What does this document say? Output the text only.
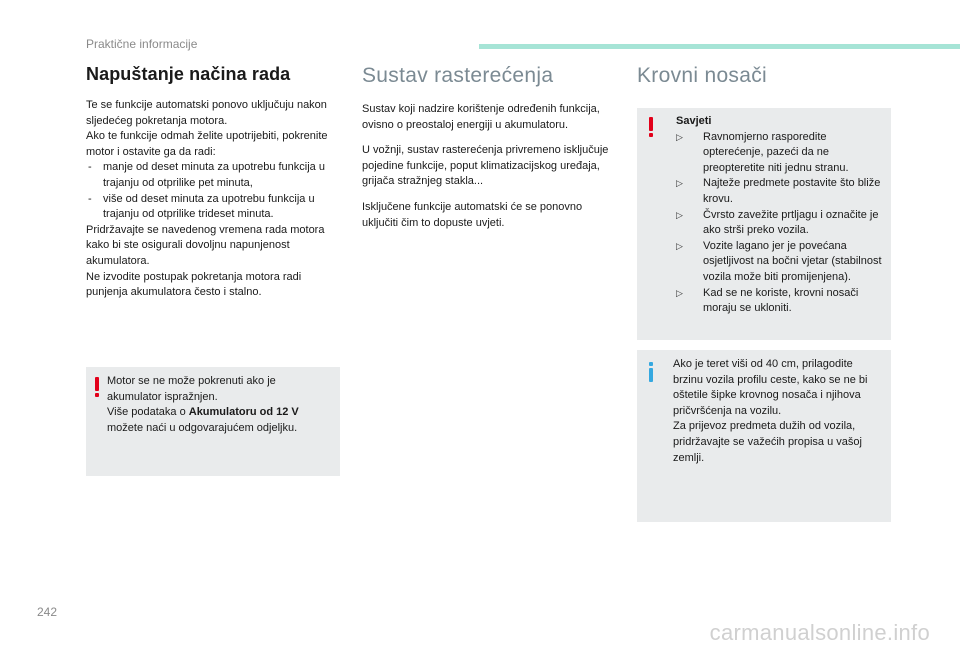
Praktične informacije
Napuštanje načina rada
Te se funkcije automatski ponovo uključuju nakon sljedećeg pokretanja motora.
Ako te funkcije odmah želite upotrijebiti, pokrenite motor i ostavite ga da radi:
- manje od deset minuta za upotrebu funkcija u trajanju od otprilike pet minuta,
- više od deset minuta za upotrebu funkcija u trajanju od otprilike trideset minuta.
Pridržavajte se navedenog vremena rada motora kako bi ste osigurali dovoljnu napunjenost akumulatora.
Ne izvodite postupak pokretanja motora radi punjenja akumulatora često i stalno.
Motor se ne može pokrenuti ako je akumulator ispražnjen.
Više podataka o Akumulatoru od 12 V
možete naći u odgovarajućem odjeljku.
Sustav rasterećenja
Sustav koji nadzire korištenje određenih funkcija, ovisno o preostaloj energiji u akumulatoru.
U vožnji, sustav rasterećenja privremeno isključuje pojedine funkcije, poput klimatizacijskog uređaja, grijača stražnjeg stakla...
Isključene funkcije automatski će se ponovno uključiti čim to dopuste uvjeti.
Krovni nosači
Savjeti
▷ Ravnomjerno rasporedite opterećenje, pazeći da ne preopteretite niti jednu stranu.
▷ Najteže predmete postavite što bliže krovu.
▷ Čvrsto zavežite prtljagu i označite je ako strši preko vozila.
▷ Vozite lagano jer je povećana osjetljivost na bočni vjetar (stabilnost vozila može biti promijenjena).
▷ Kad se ne koriste, krovni nosači moraju se ukloniti.
Ako je teret viši od 40 cm, prilagodite brzinu vozila profilu ceste, kako se ne bi oštetile šipke krovnog nosača i njihova pričvršćenja na vozilu.
Za prijevoz predmeta dužih od vozila, pridržavajte se važećih propisa u vašoj zemlji.
242
carmanualsonline.info
